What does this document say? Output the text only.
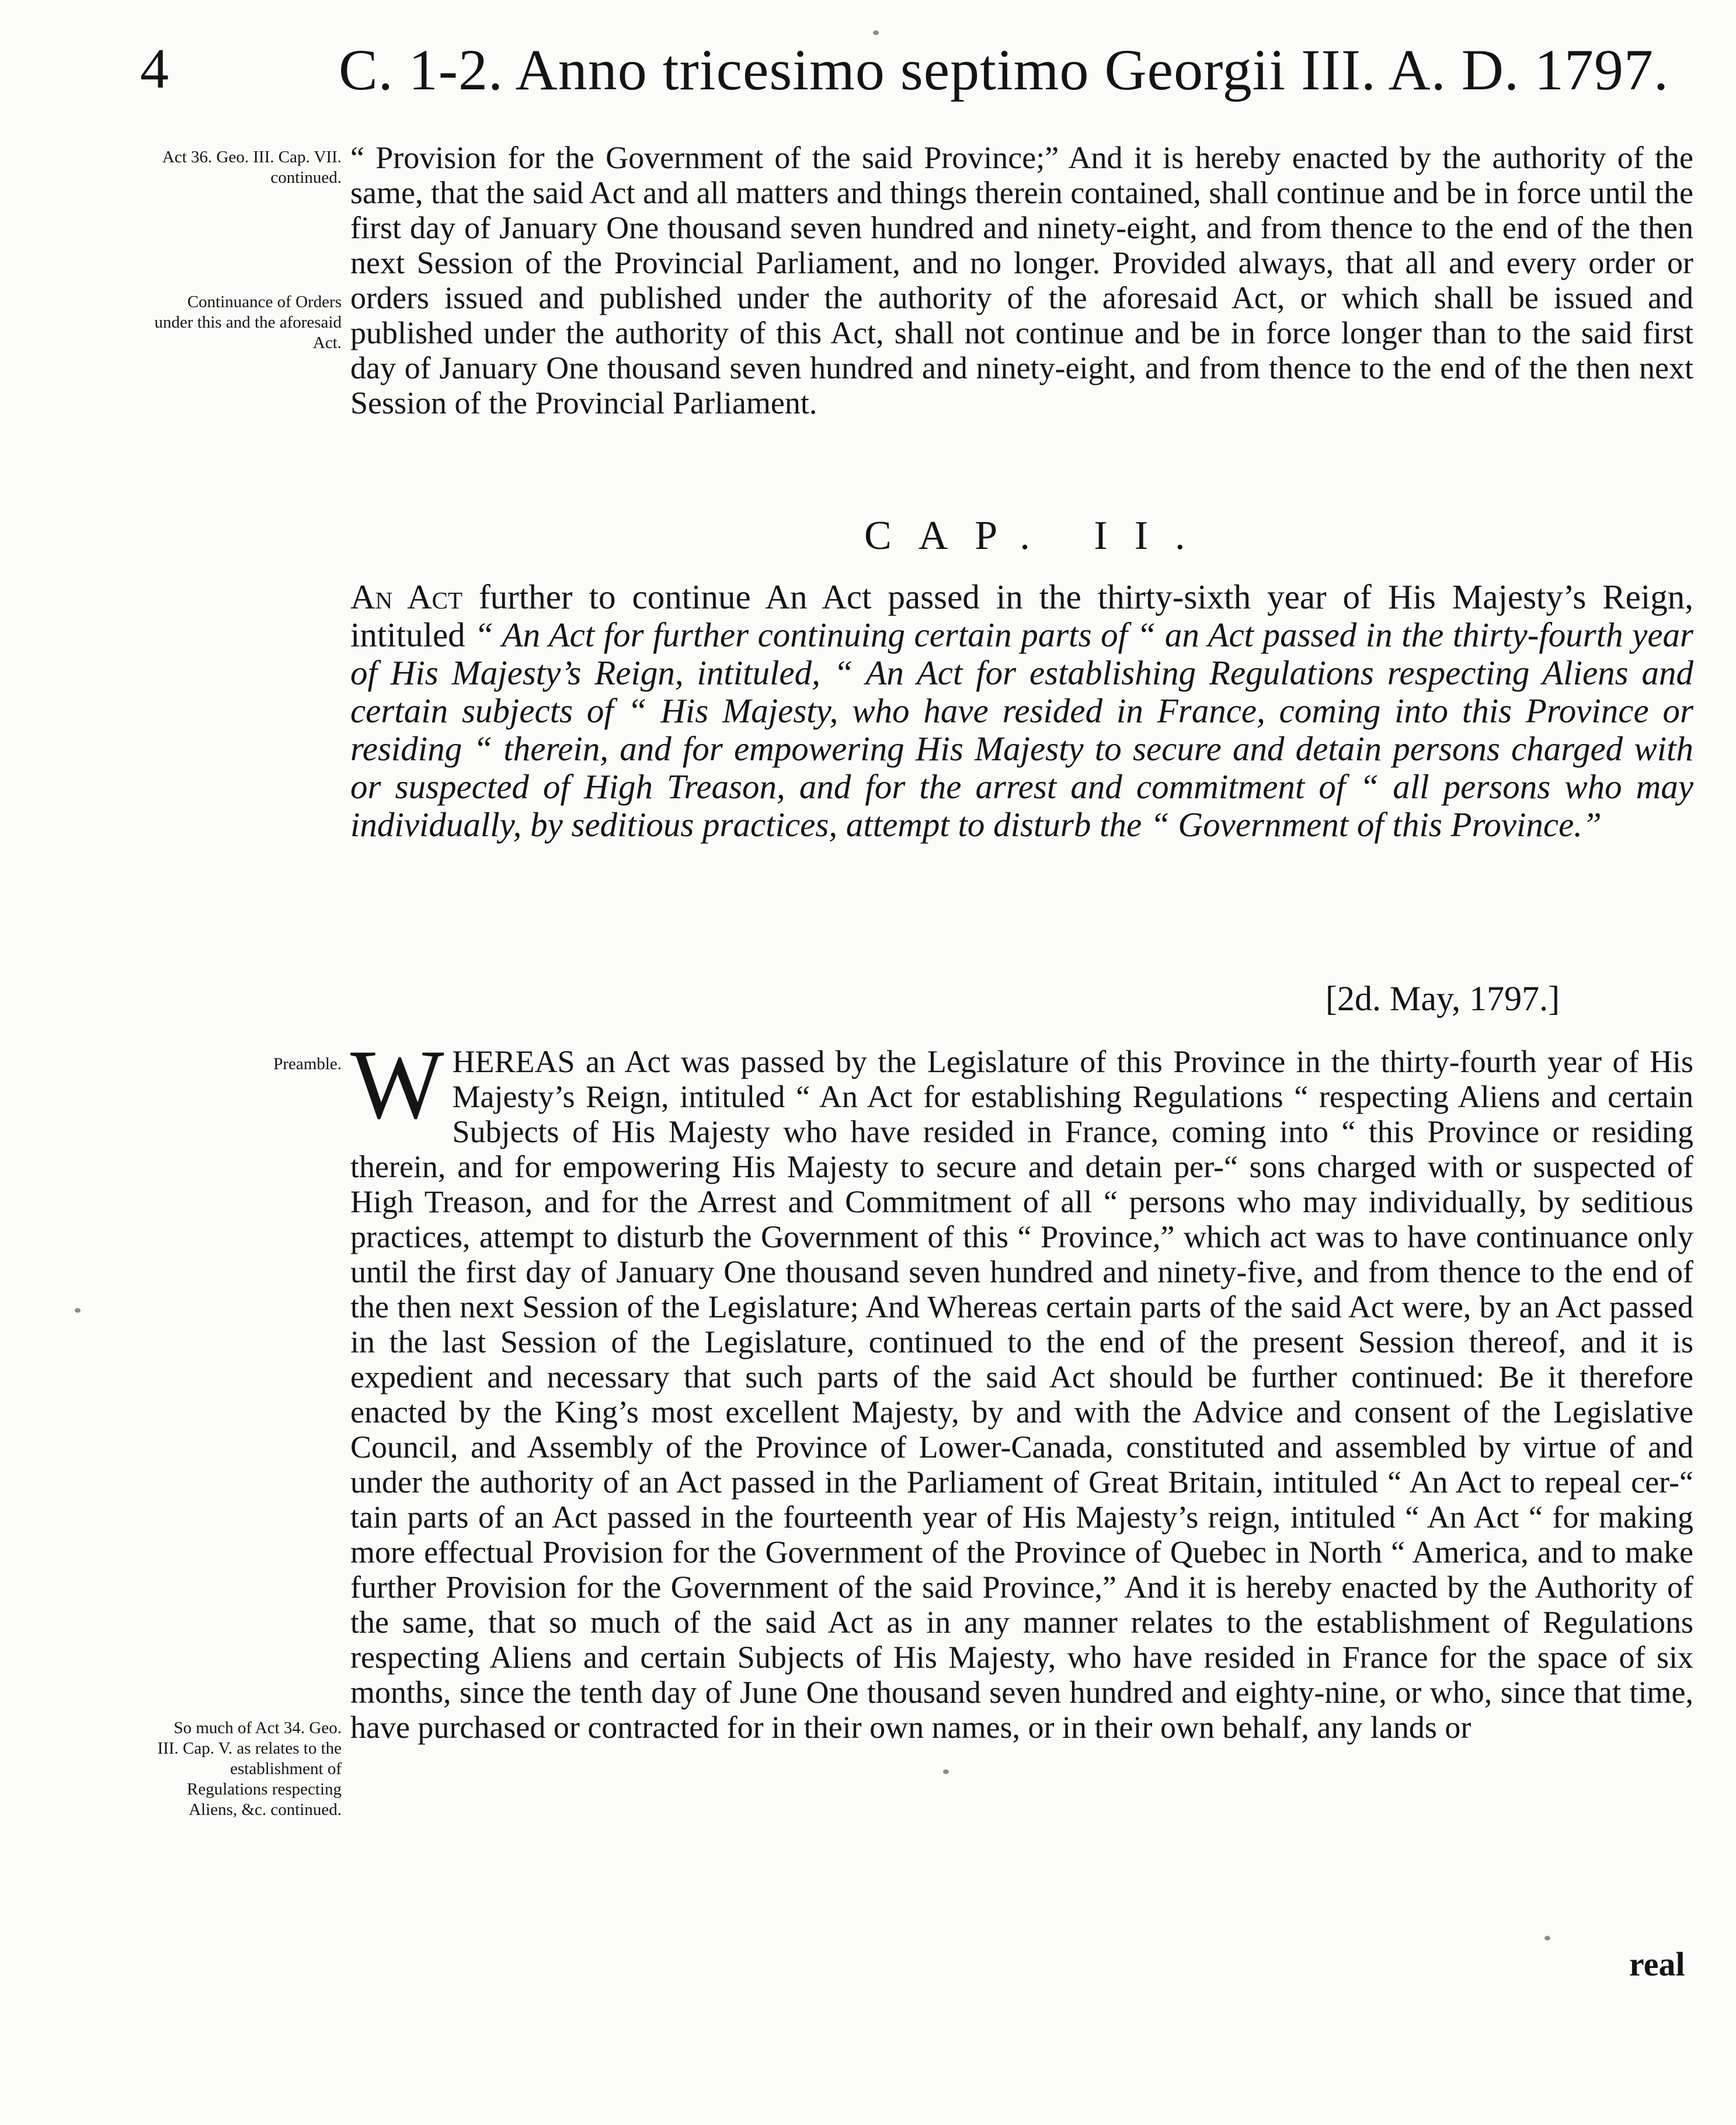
4	C. 1-2. Anno tricesimo septimo Georgii III. A. D. 1797.
Act 36. Geo. III. Cap. VII. continued.
Continuance of Orders under this and the aforesaid Act.
Preamble.
So much of Act 34. Geo. III. Cap. V. as relates to the establishment of Regulations respecting Aliens, &c. continued.
“ Provision for the Government of the said Province;” And it is hereby enacted by the authority of the same, that the said Act and all matters and things therein contained, shall continue and be in force until the first day of January One thousand seven hundred and ninety-eight, and from thence to the end of the then next Session of the Provincial Parliament, and no longer. Provided always, that all and every order or orders issued and published under the authority of the aforesaid Act, or which shall be issued and published under the authority of this Act, shall not continue and be in force longer than to the said first day of January One thousand seven hundred and ninety-eight, and from thence to the end of the then next Session of the Provincial Parliament.
CAP. II.
An Act further to continue An Act passed in the thirty-sixth year of His Majesty’s Reign, intituled “ An Act for further continuing certain parts of “ an Act passed in the thirty-fourth year of His Majesty’s Reign, intituled, “ An Act for establishing Regulations respecting Aliens and certain subjects of “ His Majesty, who have resided in France, coming into this Province or residing “ therein, and for empowering His Majesty to secure and detain persons charged with or suspected of High Treason, and for the arrest and commitment of “ all persons who may individually, by seditious practices, attempt to disturb the “ Government of this Province.”
[2d. May, 1797.]
WHEREAS an Act was passed by the Legislature of this Province in the thirty-fourth year of His Majesty’s Reign, intituled “ An Act for establishing Regulations “ respecting Aliens and certain Subjects of His Majesty who have resided in France, coming into “ this Province or residing therein, and for empowering His Majesty to secure and detain per-“ sons charged with or suspected of High Treason, and for the Arrest and Commitment of all “ persons who may individually, by seditious practices, attempt to disturb the Government of this “ Province,” which act was to have continuance only until the first day of January One thousand seven hundred and ninety-five, and from thence to the end of the then next Session of the Legislature; And Whereas certain parts of the said Act were, by an Act passed in the last Session of the Legislature, continued to the end of the present Session thereof, and it is expedient and necessary that such parts of the said Act should be further continued: Be it therefore enacted by the King’s most excellent Majesty, by and with the Advice and consent of the Legislative Council, and Assembly of the Province of Lower-Canada, constituted and assembled by virtue of and under the authority of an Act passed in the Parliament of Great Britain, intituled “ An Act to repeal cer-“ tain parts of an Act passed in the fourteenth year of His Majesty’s reign, intituled “ An Act “ for making more effectual Provision for the Government of the Province of Quebec in North “ America, and to make further Provision for the Government of the said Province,” And it is hereby enacted by the Authority of the same, that so much of the said Act as in any manner relates to the establishment of Regulations respecting Aliens and certain Subjects of His Majesty, who have resided in France for the space of six months, since the tenth day of June One thousand seven hundred and eighty-nine, or who, since that time, have purchased or contracted for in their own names, or in their own behalf, any lands or
real
